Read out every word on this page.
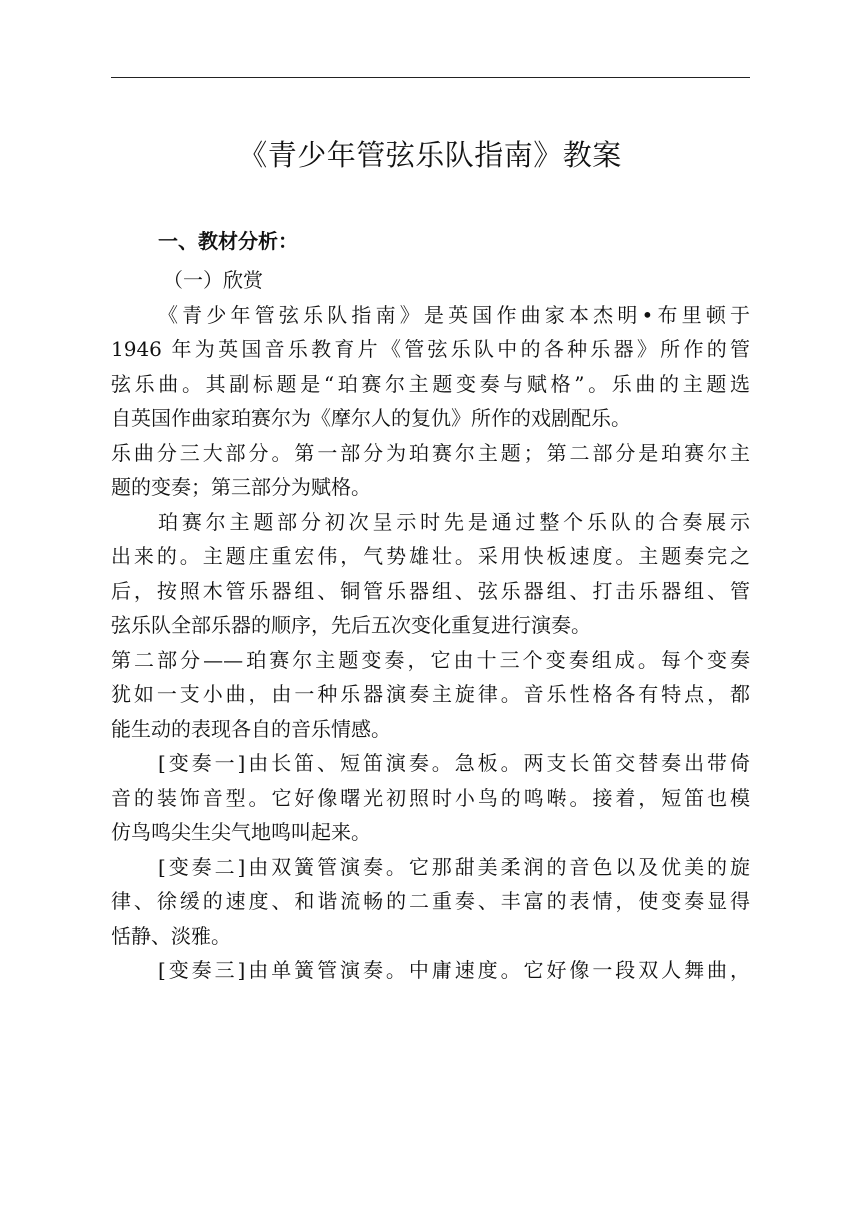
《青少年管弦乐队指南》教案
一、教材分析：
（一）欣赏
《青少年管弦乐队指南》是英国作曲家本杰明•布里顿于
1946 年为英国音乐教育片《管弦乐队中的各种乐器》所作的管
弦乐曲。其副标题是“珀赛尔主题变奏与赋格”。乐曲的主题选
自英国作曲家珀赛尔为《摩尔人的复仇》所作的戏剧配乐。
乐曲分三大部分。第一部分为珀赛尔主题；第二部分是珀赛尔主
题的变奏；第三部分为赋格。
珀赛尔主题部分初次呈示时先是通过整个乐队的合奏展示
出来的。主题庄重宏伟，气势雄壮。采用快板速度。主题奏完之
后，按照木管乐器组、铜管乐器组、弦乐器组、打击乐器组、管
弦乐队全部乐器的顺序，先后五次变化重复进行演奏。
第二部分——珀赛尔主题变奏，它由十三个变奏组成。每个变奏
犹如一支小曲，由一种乐器演奏主旋律。音乐性格各有特点，都
能生动的表现各自的音乐情感。
[变奏一]由长笛、短笛演奏。急板。两支长笛交替奏出带倚
音的装饰音型。它好像曙光初照时小鸟的鸣啭。接着，短笛也模
仿鸟鸣尖生尖气地鸣叫起来。
[变奏二]由双簧管演奏。它那甜美柔润的音色以及优美的旋
律、徐缓的速度、和谐流畅的二重奏、丰富的表情，使变奏显得
恬静、淡雅。
[变奏三]由单簧管演奏。中庸速度。它好像一段双人舞曲，
